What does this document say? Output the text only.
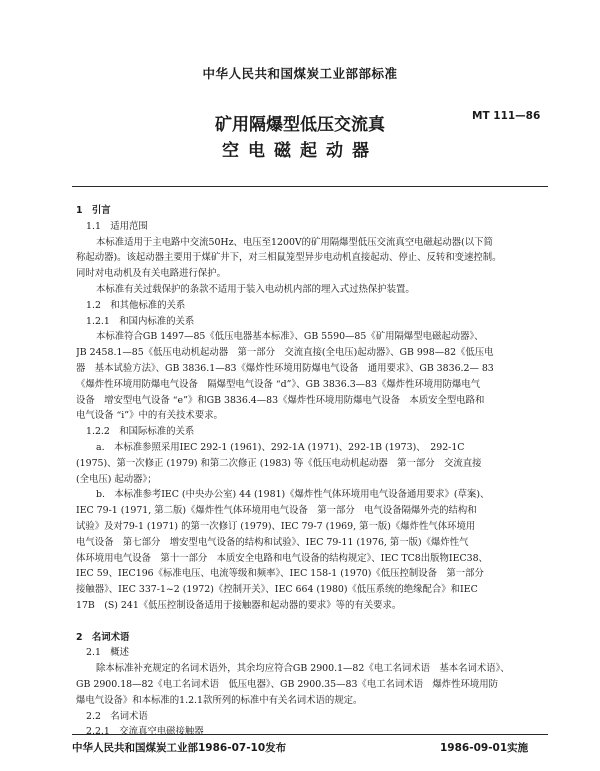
中华人民共和国煤炭工业部部标准
矿用隔爆型低压交流真
空电磁起动器
MT 111—86
1　引言
1.1　适用范围
本标准适用于主电路中交流50Hz、电压至1200V的矿用隔爆型低压交流真空电磁起动器(以下简
称起动器)。该起动器主要用于煤矿井下，对三相鼠笼型异步电动机直接起动、停止、反转和变速控制。
同时对电动机及有关电路进行保护。
本标准有关过载保护的条款不适用于装入电动机内部的埋入式过热保护装置。
1.2　和其他标准的关系
1.2.1　和国内标准的关系
本标准符合GB 1497—85《低压电器基本标准》、GB 5590—85《矿用隔爆型电磁起动器》、
JB 2458.1—85《低压电动机起动器　第一部分　交流直接(全电压)起动器》、GB 998—82《低压电
器　基本试验方法》、GB 3836.1—83《爆炸性环境用防爆电气设备　通用要求》、GB 3836.2— 83
《爆炸性环境用防爆电气设备　隔爆型电气设备 “d”》、GB 3836.3—83《爆炸性环境用防爆电气
设备　增安型电气设备 “e”》和GB 3836.4—83《爆炸性环境用防爆电气设备　本质安全型电路和
电气设备 “i”》中的有关技术要求。
1.2.2　和国际标准的关系
a.　本标准参照采用IEC 292-1 (1961)、292-1A (1971)、292-1B (1973)、　292-1C
(1975)、第一次修正 (1979) 和第二次修正 (1983) 等《低压电动机起动器　第一部分　交流直接
(全电压) 起动器》；
b.　本标准参考IEC (中央办公室) 44 (1981)《爆炸性气体环境用电气设备通用要求》(草案)、
IEC 79-1 (1971, 第二版)《爆炸性气体环境用电气设备　第一部分　电气设备隔爆外壳的结构和
试验》及对79-1 (1971) 的第一次修订 (1979)、IEC 79-7 (1969, 第一版)《爆炸性气体环境用
电气设备　第七部分　增安型电气设备的结构和试验》、IEC 79-11 (1976, 第一版)《爆炸性气
体环境用电气设备　第十一部分　本质安全电路和电气设备的结构规定》、IEC TC8出版物IEC38、
IEC 59、IEC196《标准电压、电流等级和频率》、IEC 158-1 (1970)《低压控制设备　第一部分
接触器》、IEC 337-1~2 (1972)《控制开关》、IEC 664 (1980)《低压系统的绝缘配合》和IEC
17B　(S) 241《低压控制设备适用于接触器和起动器的要求》等的有关要求。
2　名词术语
2.1　概述
除本标准补充规定的名词术语外，其余均应符合GB 2900.1—82《电工名词术语　基本名词术语》、
GB 2900.18—82《电工名词术语　低压电器》、GB 2900.35—83《电工名词术语　爆炸性环境用防
爆电气设备》和本标准的1.2.1款所列的标准中有关名词术语的规定。
2.2　名词术语
2.2.1　交流真空电磁接触器
中华人民共和国煤炭工业部1986-07-10发布	1986-09-01实施
